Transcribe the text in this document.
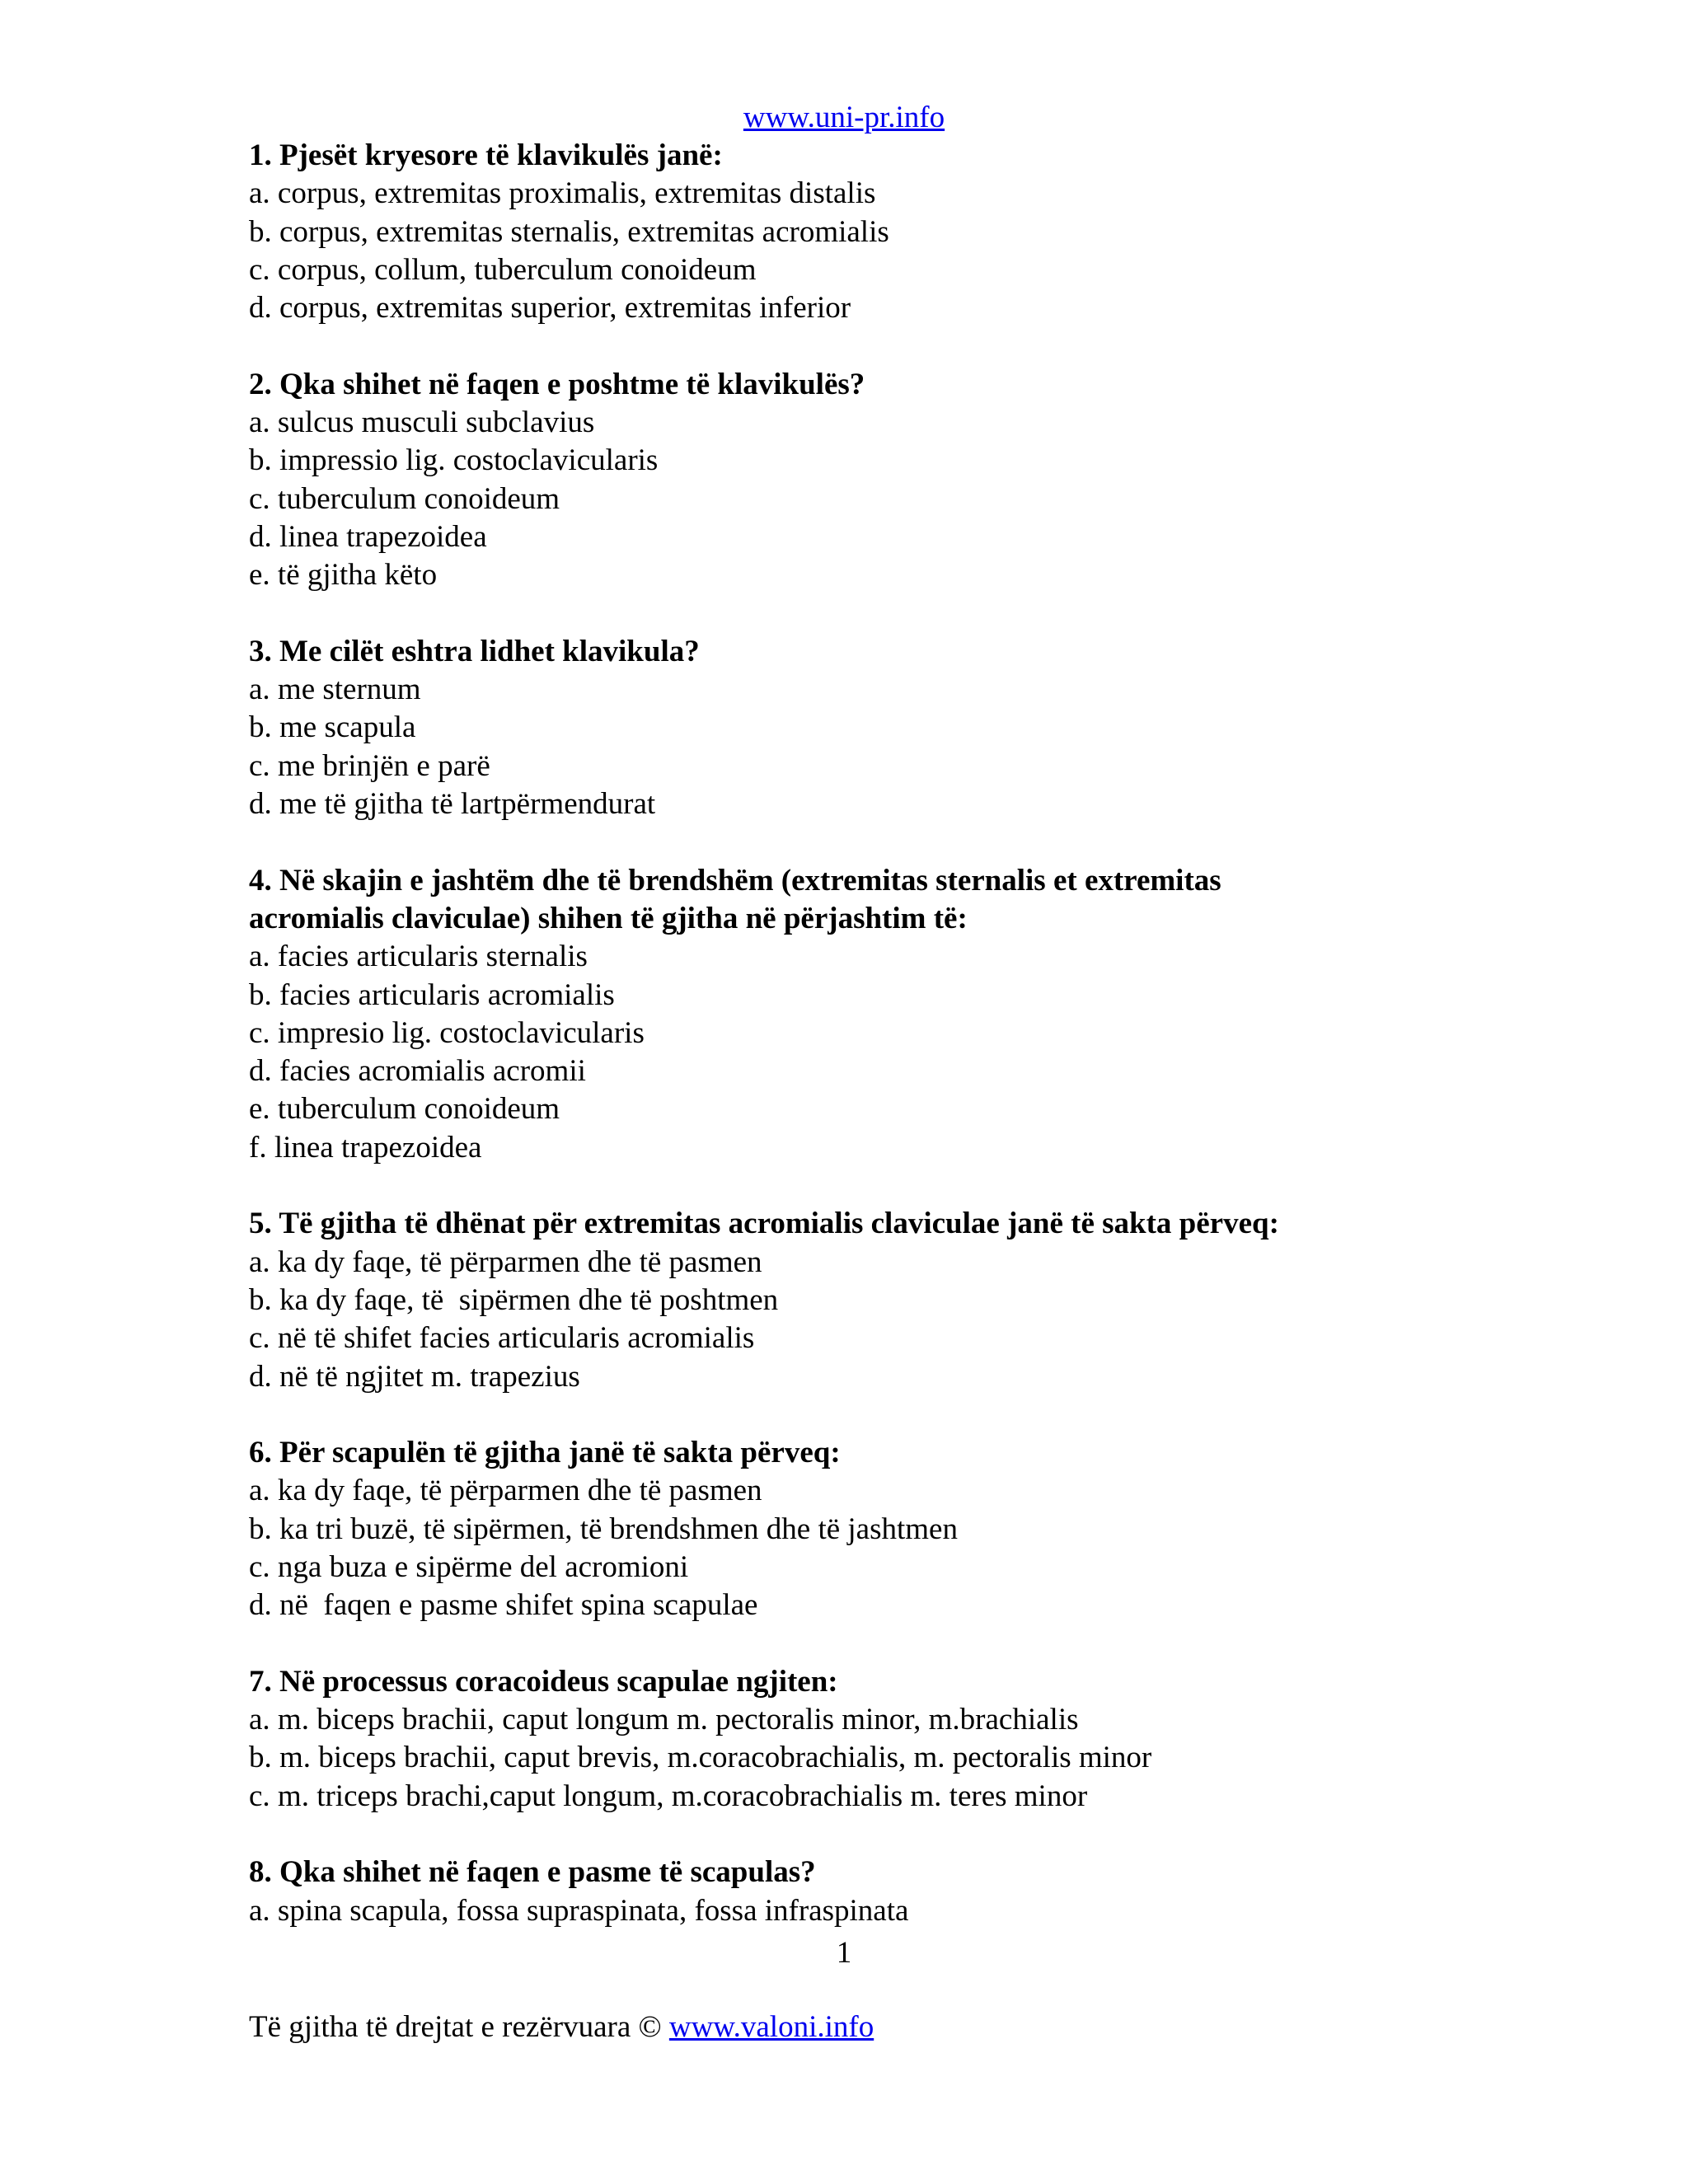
www.uni-pr.info

1. Pjesët kryesore të klavikulës janë:

a. corpus, extremitas proximalis, extremitas distalis

b. corpus, extremitas sternalis, extremitas acromialis

c. corpus, collum, tuberculum conoideum

d. corpus, extremitas superior, extremitas inferior

2. Qka shihet në faqen e poshtme të klavikulës?

a. sulcus musculi subclavius

b. impressio lig. costoclavicularis

c. tuberculum conoideum

d. linea trapezoidea

e. të gjitha këto

3. Me cilët eshtra lidhet klavikula?

a. me sternum

b. me scapula

c. me brinjën e parë

d. me të gjitha të lartpërmendurat

4. Në skajin e jashtëm dhe të brendshëm (extremitas sternalis et extremitas

acromialis claviculae) shihen të gjitha në përjashtim të:

a. facies articularis sternalis

b. facies articularis acromialis

c. impresio lig. costoclavicularis

d. facies acromialis acromii

e. tuberculum conoideum

f. linea trapezoidea

5. Të gjitha të dhënat për extremitas acromialis claviculae janë të sakta përveq:

a. ka dy faqe, të përparmen dhe të pasmen

b. ka dy faqe, të  sipërmen dhe të poshtmen

c. në të shifet facies articularis acromialis

d. në të ngjitet m. trapezius

6. Për scapulën të gjitha janë të sakta përveq:

a. ka dy faqe, të përparmen dhe të pasmen

b. ka tri buzë, të sipërmen, të brendshmen dhe të jashtmen

c. nga buza e sipërme del acromioni

d. në  faqen e pasme shifet spina scapulae

7. Në processus coracoideus scapulae ngjiten:

a. m. biceps brachii, caput longum m. pectoralis minor, m.brachialis

b. m. biceps brachii, caput brevis, m.coracobrachialis, m. pectoralis minor

c. m. triceps brachi,caput longum, m.coracobrachialis m. teres minor

8. Qka shihet në faqen e pasme të scapulas?

a. spina scapula, fossa supraspinata, fossa infraspinata

1
Të gjitha të drejtat e rezërvuara © www.valoni.info
